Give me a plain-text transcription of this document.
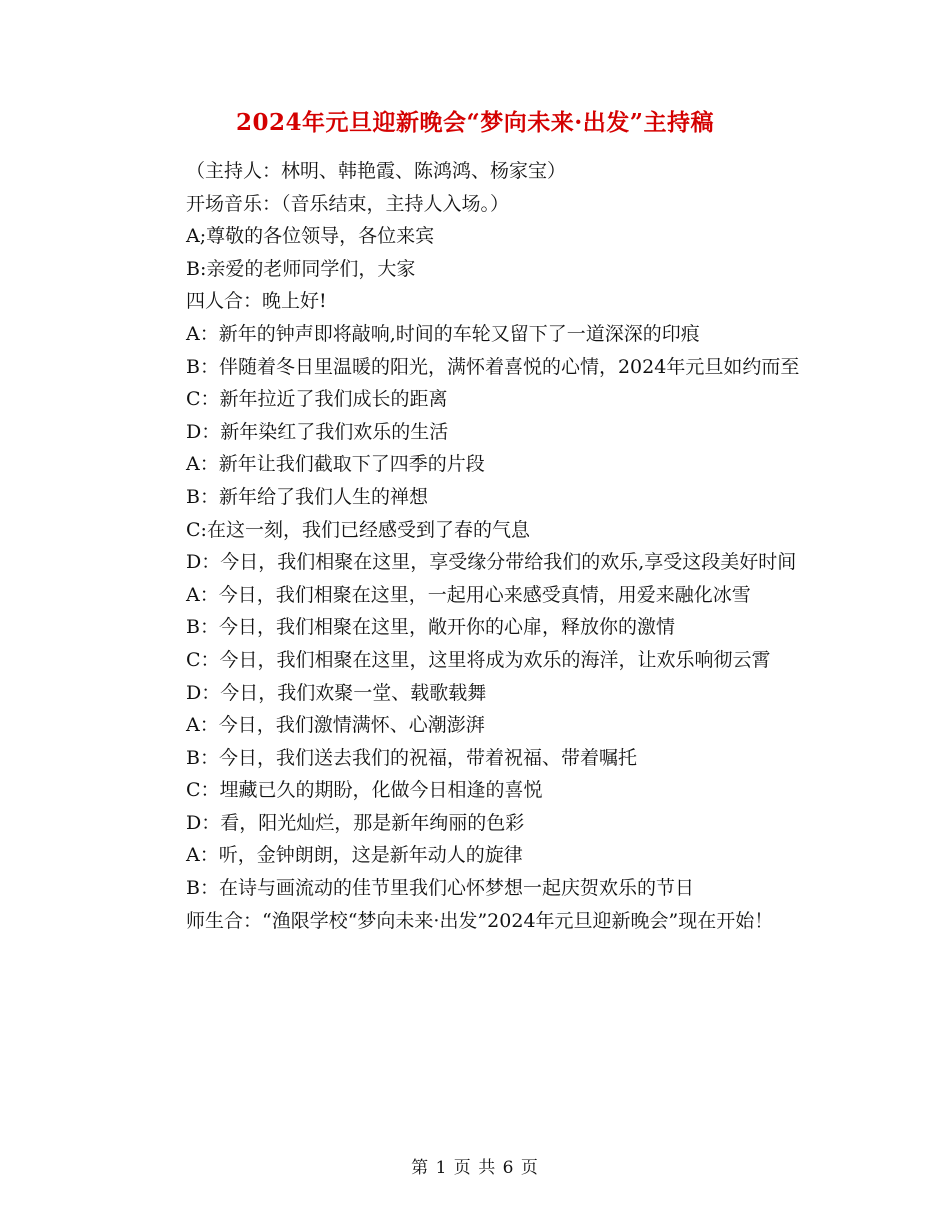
2024年元旦迎新晚会“梦向未来·出发”主持稿

（主持人：林明、韩艳霞、陈鸿鸿、杨家宝）

开场音乐：（音乐结束，主持人入场。）

A;尊敬的各位领导，各位来宾

B:亲爱的老师同学们，大家

四人合：晚上好!

A：新年的钟声即将敲响,时间的车轮又留下了一道深深的印痕

B：伴随着冬日里温暖的阳光，满怀着喜悦的心情，2024年元旦如约而至

C：新年拉近了我们成长的距离

D：新年染红了我们欢乐的生活

A：新年让我们截取下了四季的片段

B：新年给了我们人生的禅想

C:在这一刻，我们已经感受到了春的气息

D：今日，我们相聚在这里，享受缘分带给我们的欢乐,享受这段美好时间

A：今日，我们相聚在这里，一起用心来感受真情，用爱来融化冰雪

B：今日，我们相聚在这里，敞开你的心扉，释放你的激情

C：今日，我们相聚在这里，这里将成为欢乐的海洋，让欢乐响彻云霄

D：今日，我们欢聚一堂、载歌载舞

A：今日，我们激情满怀、心潮澎湃

B：今日，我们送去我们的祝福，带着祝福、带着嘱托

C：埋藏已久的期盼，化做今日相逢的喜悦

D：看，阳光灿烂，那是新年绚丽的色彩

A：听，金钟朗朗，这是新年动人的旋律

B：在诗与画流动的佳节里我们心怀梦想一起庆贺欢乐的节日

师生合：“渔限学校“梦向未来·出发”2024年元旦迎新晚会”现在开始！

第 1 页 共 6 页
